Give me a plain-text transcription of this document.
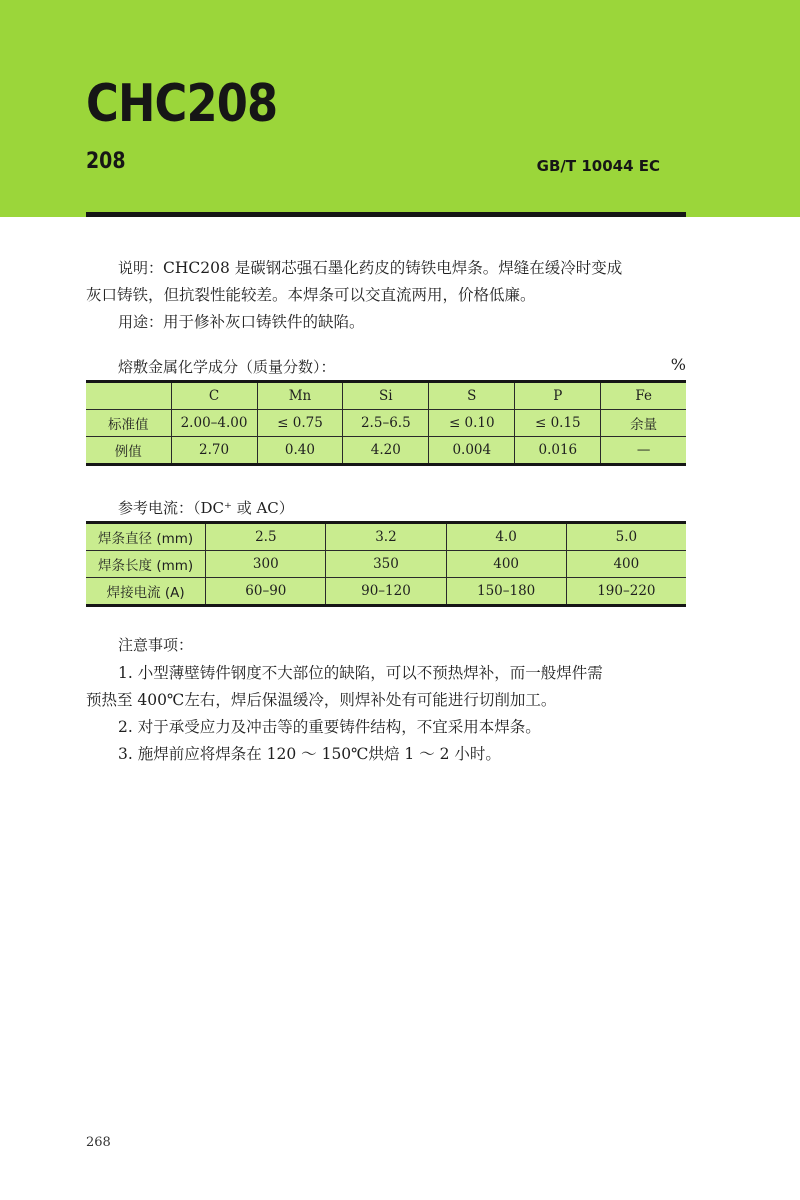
CHC208
208	GB/T 10044 EC

说明：CHC208 是碳钢芯强石墨化药皮的铸铁电焊条。焊缝在缓冷时变成
灰口铸铁，但抗裂性能较差。本焊条可以交直流两用，价格低廉。
用途：用于修补灰口铸铁件的缺陷。

熔敷金属化学成分（质量分数）：	%
	C	Mn	Si	S	P	Fe
标准值	2.00–4.00	≤ 0.75	2.5–6.5	≤ 0.10	≤ 0.15	余量
例值	2.70	0.40	4.20	0.004	0.016	—
参考电流：（DC⁺ 或 AC）
焊条直径 (mm)	2.5	3.2	4.0	5.0
焊条长度 (mm)	300	350	400	400
焊接电流 (A)	60–90	90–120	150–180	190–220
注意事项：

1. 小型薄壁铸件钢度不大部位的缺陷，可以不预热焊补，而一般焊件需
预热至 400℃左右，焊后保温缓冷，则焊补处有可能进行切削加工。
2. 对于承受应力及冲击等的重要铸件结构，不宜采用本焊条。
3. 施焊前应将焊条在 120 ～ 150℃烘焙 1 ～ 2 小时。

268
